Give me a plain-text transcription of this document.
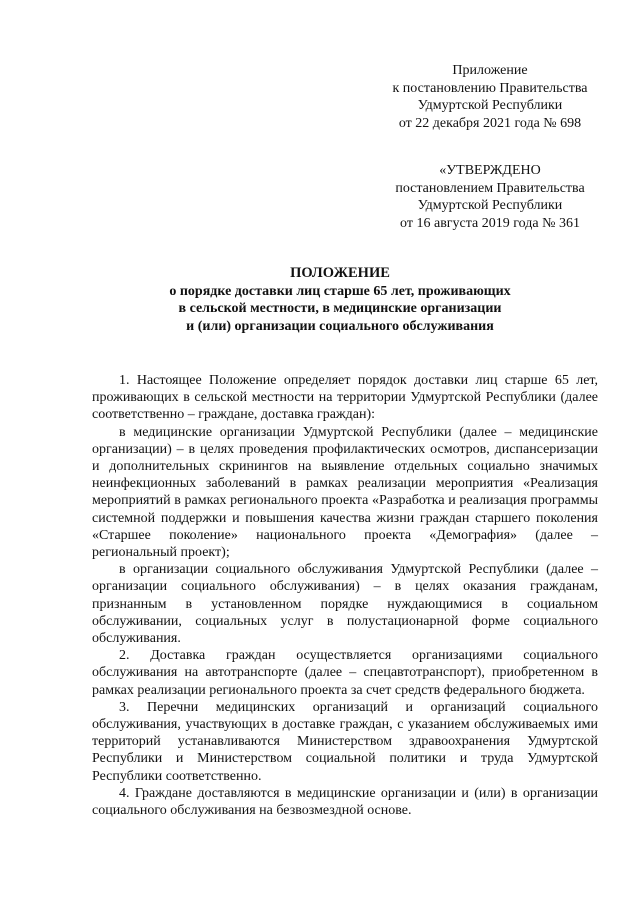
Приложение
к постановлению Правительства
Удмуртской Республики
от 22 декабря 2021 года № 698
«УТВЕРЖДЕНО
постановлением Правительства
Удмуртской Республики
от 16 августа 2019 года № 361
ПОЛОЖЕНИЕ
о порядке доставки лиц старше 65 лет, проживающих
в сельской местности, в медицинские организации
и (или) организации социального обслуживания

1. Настоящее Положение определяет порядок доставки лиц старше 65 лет, проживающих в сельской местности на территории Удмуртской Республики (далее соответственно – граждане, доставка граждан):

в медицинские организации Удмуртской Республики (далее – медицинские организации) – в целях проведения профилактических осмотров, диспансеризации и дополнительных скринингов на выявление отдельных социально значимых неинфекционных заболеваний в рамках реализации мероприятия «Реализация мероприятий в рамках регионального проекта «Разработка и реализация программы системной поддержки и повышения качества жизни граждан старшего поколения «Старшее поколение» национального проекта «Демография» (далее – региональный проект);

в организации социального обслуживания Удмуртской Республики (далее – организации социального обслуживания) – в целях оказания гражданам, признанным в установленном порядке нуждающимися в социальном обслуживании, социальных услуг в полустационарной форме социального обслуживания.

2. Доставка граждан осуществляется организациями социального обслуживания на автотранспорте (далее – спецавтотранспорт), приобретенном в рамках реализации регионального проекта за счет средств федерального бюджета.

3. Перечни медицинских организаций и организаций социального обслуживания, участвующих в доставке граждан, с указанием обслуживаемых ими территорий устанавливаются Министерством здравоохранения Удмуртской Республики и Министерством социальной политики и труда Удмуртской Республики соответственно.

4. Граждане доставляются в медицинские организации и (или) в организации социального обслуживания на безвозмездной основе.
